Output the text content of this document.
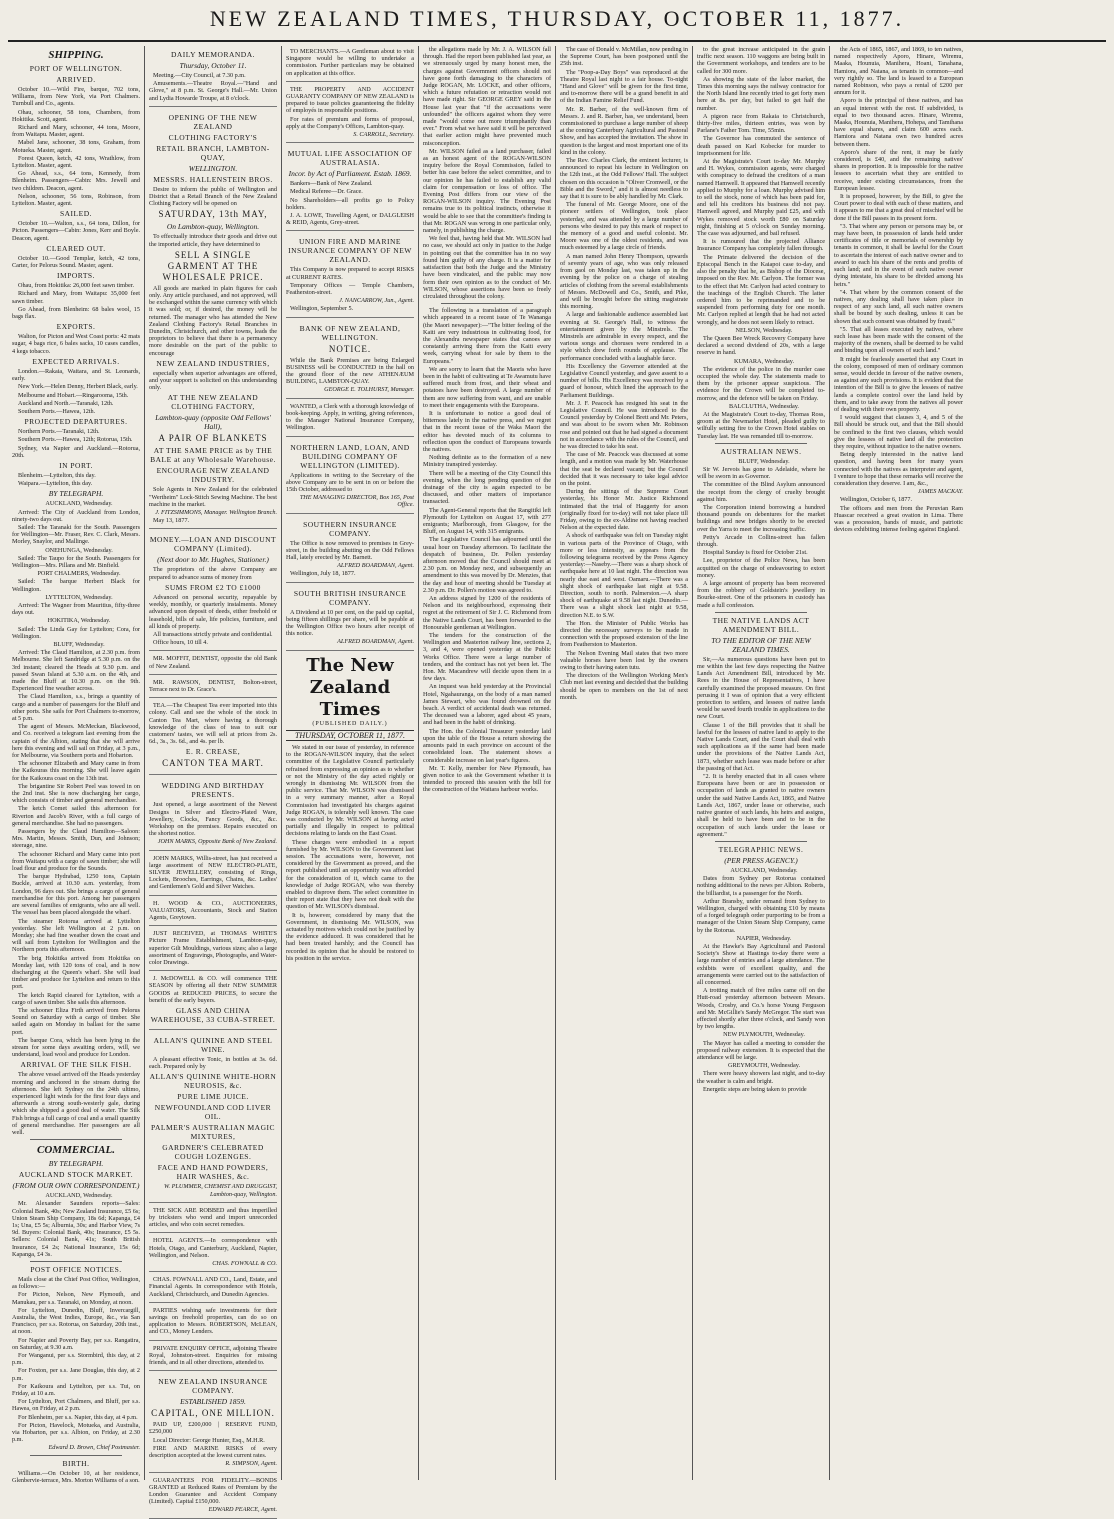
NEW ZEALAND TIMES, THURSDAY, OCTOBER 11, 1877.
SHIPPING.
PORT OF WELLINGTON.
ARRIVED.

October 10.—Wild Fire, barque, 702 tons, Williams, from New York, via Port Chalmers. Turnbull and Co., agents.

Ohau, schooner, 58 tons, Chambers, from Hokitika. Scott, agent.

Richard and Mary, schooner, 44 tons, Moore, from Waitapu. Master, agent.

Mabel Jane, schooner, 38 tons, Graham, from Motueka. Master, agent.

Forest Queen, ketch, 42 tons, Wrathlow, from Lyttelton. Master, agent.

Go Ahead, s.s., 64 tons, Kennedy, from Blenheim. Passengers—Cabin: Mrs. Jewell and two children. Deacon, agent.

Nelson, schooner, 56 tons, Robinson, from Lyttelton. Master, agent.

SAILED.

October 10.—Walton, s.s., 64 tons, Dillon, for Picton. Passengers—Cabin: Jones, Kerr and Boyle. Deacon, agent.

CLEARED OUT.

October 10.—Good Templar, ketch, 42 tons, Carter, for Pelorus Sound. Master, agent.

IMPORTS.

Ohau, from Hokitika: 26,000 feet sawn timber.

Richard and Mary, from Waitapu: 35,000 feet sawn timber.

Go Ahead, from Blenheim: 68 bales wool, 15 bags flax.

EXPORTS.

Walton, for Picton and West Coast ports: 42 mats sugar, 4 bags rice, 6 bales sacks, 10 cases candles, 4 kegs tobacco.

EXPECTED ARRIVALS.

London.—Rakaia, Waitara, and St. Leonards, early.

New York.—Helen Denny, Herbert Black, early.

Melbourne and Hobart.—Ringarooma, 15th.

Auckland and North.—Taranaki, 12th.

Southern Ports.—Hawea, 12th.

PROJECTED DEPARTURES.

Northern Ports.—Taranaki, 12th.

Southern Ports.—Hawea, 12th; Rotorua, 15th.

Sydney, via Napier and Auckland.—Rotorua, 20th.

IN PORT.

Blenheim.—Lyttelton, this day.

Waipara.—Lyttelton, this day.

BY TELEGRAPH.

AUCKLAND, Wednesday.

Arrived: The City of Auckland from London, ninety-two days out.

Sailed: The Taranaki for the South. Passengers for Wellington—Mr. Fraser, Rev. C. Clark, Messrs. Morley, Snaylor, and Mallinge.

ONEHUNGA, Wednesday.

Sailed: The Taupo for the South. Passengers for Wellington—Mrs. Pillans and Mr. Binfield.

PORT CHALMERS, Wednesday.

Sailed: The barque Herbert Black for Wellington.

LYTTELTON, Wednesday.

Arrived: The Wagner from Mauritius, fifty-three days out.

HOKITIKA, Wednesday.

Sailed: The Linda Gay for Lyttelton; Cora, for Wellington.

BLUFF, Wednesday.

Arrived: The Claud Hamilton, at 2.30 p.m. from Melbourne. She left Sandridge at 5.30 p.m. on the 3rd instant; cleared the Heads at 9.30 p.m. and passed Swan Island at 5.30 a.m. on the 4th, and made the Bluff at 10.30 p.m. on the 9th. Experienced fine weather across.

The Claud Hamilton, s.s., brings a quantity of cargo and a number of passengers for the Bluff and other ports. She sails for Port Chalmers to-morrow, at 5 p.m.

The agent of Messrs. McMeckan, Blackwood, and Co. received a telegram last evening from the captain of the Albion, stating that she will arrive here this evening and will sail on Friday, at 3 p.m., for Melbourne, via Southern ports and Hobarton.

The schooner Elizabeth and Mary came in from the Kaikouras this morning. She will leave again for the Kaikoura coast on the 13th inst.

The brigantine Sir Robert Peel was towed in on the 2nd inst. She is now discharging her cargo, which consists of timber and general merchandise.

The ketch Comet sailed this afternoon for Riverton and Jacob's River, with a full cargo of general merchandise. She had no passengers.

Passengers by the Claud Hamilton—Saloon: Mrs. Martin, Messrs. Smith, Dun, and Johnson; steerage, nine.

The schooner Richard and Mary came into port from Waitapu with a cargo of sawn timber; she will load flour and produce for the Sounds.

The barque Hydrabad, 1250 tons, Captain Buckle, arrived at 10.30 a.m. yesterday, from London, 96 days out. She brings a cargo of general merchandise for this port. Among her passengers are several families of emigrants, who are all well. The vessel has been placed alongside the wharf.

The steamer Rotorua arrived at Lyttelton yesterday. She left Wellington at 2 p.m. on Monday; she had fine weather down the coast and will sail from Lyttelton for Wellington and the Northern ports this afternoon.

The brig Hokitika arrived from Hokitika on Monday last, with 120 tons of coal, and is now discharging at the Queen's wharf. She will load timber and produce for Lyttelton and return to this port.

The ketch Rapid cleared for Lyttelton, with a cargo of sawn timber. She sails this afternoon.

The schooner Eliza Firth arrived from Pelorus Sound on Saturday with a cargo of timber. She sailed again on Monday in ballast for the same port.

The barque Cora, which has been lying in the stream for some days awaiting orders, will, we understand, load wool and produce for London.

ARRIVAL OF THE SILK FISH.

The above vessel arrived off the Heads yesterday morning and anchored in the stream during the afternoon. She left Sydney on the 24th ultimo, experienced light winds for the first four days and afterwards a strong south-westerly gale, during which she shipped a good deal of water. The Silk Fish brings a full cargo of coal and a small quantity of general merchandise. Her passengers are all well.

COMMERCIAL.
BY TELEGRAPH.
AUCKLAND STOCK MARKET.
(FROM OUR OWN CORRESPONDENT.)

AUCKLAND, Wednesday.

Mr. Alexander Saunders reports—Sales: Colonial Bank, 40s; New Zealand Insurance, £5 6s; Union Steam Ship Company, 18s 6d; Kapanga, £4 1s; Una, £5 5s; Alburnia, 30s; and Harbor View, 7s 9d. Buyers: Colonial Bank, 40s; Insurance, £5 5s. Sellers: Colonial Bank, 41s; South British Insurance, £4 2s; National Insurance, 15s 6d; Kapanga, £4 3s.

POST OFFICE NOTICES.

Mails close at the Chief Post Office, Wellington, as follows:—

For Picton, Nelson, New Plymouth, and Manukau, per s.s. Taranaki, on Monday, at noon.

For Lyttelton, Dunedin, Bluff, Invercargill, Australia, the West Indies, Europe, &c., via San Francisco, per s.s. Rotorua, on Saturday, 20th inst., at noon.

For Napier and Poverty Bay, per s.s. Rangatira, on Saturday, at 9.30 a.m.

For Wanganui, per s.s. Stormbird, this day, at 2 p.m.

For Foxton, per s.s. Jane Douglas, this day, at 2 p.m.

For Kaikoura and Lyttelton, per s.s. Tui, on Friday, at 10 a.m.

For Lyttelton, Port Chalmers, and Bluff, per s.s. Hawea, on Friday, at 2 p.m.

For Blenheim, per s.s. Napier, this day, at 4 p.m.

For Picton, Havelock, Motueka, and Australia, via Hobarton, per s.s. Albion, on Friday, at 2.30 p.m.

Edward D. Brown, Chief Postmaster.

BIRTH.

Williams.—On October 10, at her residence, Glenbervie-terrace, Mrs. Morton Williams of a son.

DAILY MEMORANDA.
Thursday, October 11.

Meeting.—City Council, at 7.30 p.m.

Amusements.—Theatre Royal.—"Hand and Glove," at 8 p.m. St. George's Hall.—Mr. Union and Lydia Howarde Troupe, at 8 o'clock.

OPENING OF THE NEW ZEALAND
CLOTHING FACTORY'S
RETAIL BRANCH, LAMBTON-QUAY,
WELLINGTON.
MESSRS. HALLENSTEIN BROS.

Desire to inform the public of Wellington and District that a Retail Branch of the New Zealand Clothing Factory will be opened on

SATURDAY, 13th MAY,
On Lambton-quay, Wellington.

To effectually introduce their goods and drive out the imported article, they have determined to

SELL A SINGLE GARMENT AT THE WHOLESALE PRICE.

All goods are marked in plain figures for cash only. Any article purchased, and not approved, will be exchanged within the same currency with which it was sold; or, if desired, the money will be returned. The manager who has attended the New Zealand Clothing Factory's Retail Branches in Dunedin, Christchurch, and other towns, leads the proprietors to believe that there is a permanency more desirable on the part of the public to encourage

NEW ZEALAND INDUSTRIES,

especially when superior advantages are offered, and your support is solicited on this understanding only.

AT THE NEW ZEALAND CLOTHING FACTORY,
Lambton-quay (opposite Odd Fellows' Hall),
A PAIR OF BLANKETS
AT THE SAME PRICE as by THE BALE at any Wholesale Warehouse.
ENCOURAGE NEW ZEALAND INDUSTRY.

Sole Agents in New Zealand for the celebrated "Wertheim" Lock-Stitch Sewing Machine. The best machine in the market.

J. FITZSIMMONS, Manager. Wellington Branch.

May 13, 1877.

MONEY.—LOAN AND DISCOUNT COMPANY (Limited).
(Next door to Mr. Hughes, Stationer.)

The proprietors of the above Company are prepared to advance sums of money from

SUMS FROM £2 TO £1000

Advanced on personal security, repayable by weekly, monthly, or quarterly instalments. Money advanced upon deposit of deeds, either freehold or leasehold, bills of sale, life policies, furniture, and all kinds of property.

All transactions strictly private and confidential.

Office hours, 10 till 4.

MR. MOFFIT, DENTIST, opposite the old Bank of New Zealand.

MR. RAWSON, DENTIST, Bolton-street, Terrace next to Dr. Grace's.

TEA.—The Cheapest Tea ever imported into this colony. Call and see the whole of the stock in Canton Tea Mart, where having a thorough knowledge of the class of teas to suit our customers' tastes, we will sell at prices from 2s. 6d., 3s., 3s. 6d., and 4s. per lb.

E. R. CREASE,
CANTON TEA MART.
WEDDING AND BIRTHDAY PRESENTS.

Just opened, a large assortment of the Newest Designs in Silver and Electro-Plated Ware, Jewellery, Clocks, Fancy Goods, &c., &c. Workshop on the premises. Repairs executed on the shortest notice.

JOHN MARKS, Opposite Bank of New Zealand.

JOHN MARKS, Willis-street, has just received a large assortment of NEW ELECTRO-PLATE, SILVER JEWELLERY, consisting of Rings, Lockets, Brooches, Earrings, Chains, &c. Ladies' and Gentlemen's Gold and Silver Watches.

H. WOOD & CO., AUCTIONEERS, VALUATORS, Accountants, Stock and Station Agents, Greytown.

JUST RECEIVED, at THOMAS WHITE'S Picture Frame Establishment, Lambton-quay, superior Gilt Mouldings, various sizes; also a large assortment of Engravings, Photographs, and Water-color Drawings.

J. McDOWELL & CO. will commence THE SEASON by offering all their NEW SUMMER GOODS at REDUCED PRICES, to secure the benefit of the early buyers.

GLASS AND CHINA WAREHOUSE, 33 CUBA-STREET.
ALLAN'S QUININE AND STEEL WINE.

A pleasant effective Tonic, in bottles at 3s. 6d. each. Prepared only by

ALLAN'S QUININE WHITE-HORN NEUROSIS, &c.
PURE LIME JUICE.
NEWFOUNDLAND COD LIVER OIL.
PALMER'S AUSTRALIAN MAGIC MIXTURES,
GARDNER'S CELEBRATED COUGH LOZENGES.
FACE AND HAND POWDERS, HAIR WASHES, &c.

W. PLUMMER, CHEMIST AND DRUGGIST, Lambton-quay, Wellington.

THE SICK ARE ROBBED and thus imperilled by tricksters who vend and import unrecorded articles, and who coin secret remedies.

HOTEL AGENTS.—In correspondence with Hotels, Otago, and Canterbury, Auckland, Napier, Wellington, and Nelson.

CHAS. FOWNALL & CO.

CHAS. FOWNALL AND CO., Land, Estate, and Financial Agents. In correspondence with Hotels, Auckland, Christchurch, and Dunedin Agencies.

PARTIES wishing safe investments for their savings on freehold properties, can do so on application to Messrs. ROBERTSON, McLEAN, and CO., Money Lenders.

PRIVATE ENQUIRY OFFICE, adjoining Theatre Royal, Johnston-street. Enquiries for missing friends, and in all other directions, attended to.

NEW ZEALAND INSURANCE COMPANY.
ESTABLISHED 1859.
CAPITAL, ONE MILLION.

PAID UP, £200,000 | RESERVE FUND, £250,000

Local Director: George Hunter, Esq., M.H.R.

FIRE AND MARINE RISKS of every description accepted at the lowest current rates.

R. SIMPSON, Agent.

GUARANTEES FOR FIDELITY.—BONDS GRANTED at Reduced Rates of Premium by the London Guarantee and Accident Company (Limited). Capital £150,000.

EDWARD PEARCE, Agent.

TO MERCHANTS.—A Gentleman about to visit Singapore would be willing to undertake a commission. Further particulars may be obtained on application at this office.

THE PROPERTY AND ACCIDENT GUARANTY COMPANY OF NEW ZEALAND is prepared to issue policies guaranteeing the fidelity of employés in responsible positions.

For rates of premium and forms of proposal, apply at the Company's Offices, Lambton-quay.

S. CARROLL, Secretary.

MUTUAL LIFE ASSOCIATION OF AUSTRALASIA.
Incor. by Act of Parliament. Estab. 1869.

Bankers—Bank of New Zealand.

Medical Referee—Dr. Grace.

No Shareholders—all profits go to Policy holders.

J. A. LOWE, Travelling Agent, or DALGLEISH & REID, Agents, Grey-street.

UNION FIRE AND MARINE INSURANCE COMPANY OF NEW ZEALAND.

This Company is now prepared to accept RISKS at CURRENT RATES.

Temporary Offices — Temple Chambers, Featherston-street.

J. NANCARROW, Jun., Agent.

Wellington, September 5.

BANK OF NEW ZEALAND, WELLINGTON.
NOTICE.

While the Bank Premises are being Enlarged BUSINESS will be CONDUCTED in the hall on the ground floor of the new ATHENÆUM BUILDING, LAMBTON-QUAY.

GEORGE E. TOLHURST, Manager.

WANTED, a Clerk with a thorough knowledge of book-keeping. Apply, in writing, giving references, to the Manager National Insurance Company, Wellington.

NORTHERN LAND, LOAN, AND BUILDING COMPANY OF WELLINGTON (LIMITED).

Applications in writing to the Secretary of the above Company are to be sent in on or before the 15th October, addressed to

THE MANAGING DIRECTOR, Box 165, Post Office.

SOUTHERN INSURANCE COMPANY.

The Office is now removed to premises in Grey-street, in the building abutting on the Odd Fellows Hall, lately erected by Mr. Barnett.

ALFRED BOARDMAN, Agent.

Wellington, July 18, 1877.

SOUTH BRITISH INSURANCE COMPANY.

A Dividend at 10 per cent, on the paid up capital, being fifteen shillings per share, will be payable at the Wellington Office two hours after receipt of this notice.

ALFRED BOARDMAN, Agent.

The New Zealand Times
(PUBLISHED DAILY.)
THURSDAY, OCTOBER 11, 1877.

We stated in our issue of yesterday, in reference to the ROGAN-WILSON inquiry, that the select committee of the Legislative Council particularly refrained from expressing an opinion as to whether or not the Ministry of the day acted rightly or wrongly in dismissing Mr. WILSON from the public service. That Mr. WILSON was dismissed in a very summary manner, after a Royal Commission had investigated his charges against Judge ROGAN, is tolerably well known. The case was conducted by Mr. WILSON at having acted partially and illegally in respect to political decisions relating to lands on the East Coast.

These charges were embodied in a report furnished by Mr. WILSON to the Government last session. The accusations were, however, not considered by the Government as proved, and the report published until an opportunity was afforded for the consideration of it, which came to the knowledge of Judge ROGAN, who was thereby enabled to disprove them. The select committee in their report state that they have not dealt with the question of Mr. WILSON's dismissal.

It is, however, considered by many that the Government, in dismissing Mr. WILSON, was actuated by motives which could not be justified by the evidence adduced. It was considered that he had been treated harshly; and the Council has recorded its opinion that he should be restored to his position in the service.

the allegations made by Mr. J. A. WILSON fall through. Had the report been published last year, as we strenuously urged by many honest men, the charges against Government officers should not have gone forth damaging to the characters of Judge ROGAN, Mr. LOCKE, and other officers, which a future refutation or retraction would not have made right. Sir GEORGE GREY said in the House last year that "if the accusations were unfounded" the officers against whom they were made "would come out more triumphantly than ever." From what we have said it will be perceived that earlier action might have prevented much misconception.

Mr. WILSON failed as a land purchaser, failed as an honest agent of the ROGAN-WILSON inquiry before the Royal Commission, failed to better his case before the select committee, and to our opinion he has failed to establish any valid claim for compensation or loss of office. The Evening Post differs from our view of the ROGAN-WILSON inquiry. The Evening Post remains true to its political instincts, otherwise it would be able to see that the committee's finding is that Mr. ROGAN was wrong in one particular only, namely, in publishing the charge.

We feel that, having held that Mr. WILSON had no case, we should act only in justice to the Judge in pointing out that the committee has in no way found him guilty of any charge. It is a matter for satisfaction that both the Judge and the Ministry have been vindicated, and the public may now form their own opinion as to the conduct of Mr. WILSON, whose assertions have been so freely circulated throughout the colony.

The following is a translation of a paragraph which appeared in a recent issue of Te Wananga (the Maori newspaper):—"The bitter feeling of the Kaiti are very industrious in cultivating food, for the Alexandra newspaper states that canoes are constantly arriving there from the Kaiti every week, carrying wheat for sale by them to the Europeans."

We are sorry to learn that the Maoris who have been in the habit of cultivating at Te Awamutu have suffered much from frost, and their wheat and potatoes have been destroyed. A large number of them are now suffering from want, and are unable to meet their engagements with the Europeans.

It is unfortunate to notice a good deal of bitterness lately in the native press, and we regret that in the recent issue of the Waka Maori the editor has devoted much of its columns to reflection upon the conduct of Europeans towards the natives.

Nothing definite as to the formation of a new Ministry transpired yesterday.

There will be a meeting of the City Council this evening, when the long pending question of the drainage of the city is again expected to be discussed, and other matters of importance transacted.

The Agent-General reports that the Rangitiki left Plymouth for Lyttelton on August 17, with 277 emigrants; Marlborough, from Glasgow, for the Bluff, on August 14, with 315 emigrants.

The Legislative Council has adjourned until the usual hour on Tuesday afternoon. To facilitate the despatch of business, Dr. Pollen yesterday afternoon moved that the Council should meet at 2.30 p.m. on Monday next, and subsequently an amendment to this was moved by Dr. Menzies, that the day and hour of meeting should be Tuesday at 2.30 p.m. Dr. Pollen's motion was agreed to.

An address signed by 1200 of the residents of Nelson and its neighbourhood, expressing their regret at the retirement of Sir J. C. Richmond from the Native Lands Court, has been forwarded to the Honourable gentleman at Wellington.

The tenders for the construction of the Wellington and Masterton railway line, sections 2, 3, and 4, were opened yesterday at the Public Works Office. There were a large number of tenders, and the contract has not yet been let. The Hon. Mr. Macandrew will decide upon them in a few days.

An inquest was held yesterday at the Provincial Hotel, Ngahauranga, on the body of a man named James Stewart, who was found drowned on the beach. A verdict of accidental death was returned. The deceased was a laborer, aged about 45 years, and had been in the habit of drinking.

The Hon. the Colonial Treasurer yesterday laid upon the table of the House a return showing the amounts paid in each province on account of the consolidated loan. The statement shows a considerable increase on last year's figures.

Mr. T. Kelly, member for New Plymouth, has given notice to ask the Government whether it is intended to proceed this session with the bill for the construction of the Waitara harbour works.

The case of Donald v. McMillan, now pending in the Supreme Court, has been postponed until the 25th inst.

The "Poop-a-Day Boys" was reproduced at the Theatre Royal last night to a fair house. To-night "Hand and Glove" will be given for the first time, and to-morrow there will be a grand benefit in aid of the Indian Famine Relief Fund.

Mr. R. Barber, of the well-known firm of Messrs. J. and R. Barber, has, we understand, been commissioned to purchase a large number of sheep at the coming Canterbury Agricultural and Pastoral Show, and has accepted the invitation. The show in question is the largest and most important one of its kind in the colony.

The Rev. Charles Clark, the eminent lecturer, is announced to repeat his lecture in Wellington on the 12th inst., at the Odd Fellows' Hall. The subject chosen on this occasion is "Oliver Cromwell, or the Bible and the Sword," and it is almost needless to say that it is sure to be ably handled by Mr. Clark.

The funeral of Mr. George Moore, one of the pioneer settlers of Wellington, took place yesterday, and was attended by a large number of persons who desired to pay this mark of respect to the memory of a good and useful colonist. Mr. Moore was one of the oldest residents, and was much esteemed by a large circle of friends.

A man named John Henry Thompson, upwards of seventy years of age, who was only released from gaol on Monday last, was taken up in the evening by the police on a charge of stealing articles of clothing from the several establishments of Messrs. McDowell and Co., Smith, and Pike, and will be brought before the sitting magistrate this morning.

A large and fashionable audience assembled last evening at St. George's Hall, to witness the entertainment given by the Minstrels. The Minstrels are admirable in every respect, and the various songs and choruses were rendered in a style which drew forth rounds of applause. The performance concluded with a laughable farce.

His Excellency the Governor attended at the Legislative Council yesterday, and gave assent to a number of bills. His Excellency was received by a guard of honour, which lined the approach to the Parliament Buildings.

Mr. J. F. Peacock has resigned his seat in the Legislative Council. He was introduced to the Council yesterday by Colonel Brett and Mr. Peters, and was about to be sworn when Mr. Robinson rose and pointed out that he had signed a document not in accordance with the rules of the Council, and he was directed to take his seat.

The case of Mr. Peacock was discussed at some length, and a motion was made by Mr. Waterhouse that the seat be declared vacant; but the Council decided that it was necessary to take legal advice on the point.

During the sittings of the Supreme Court yesterday, his Honor Mr. Justice Richmond intimated that the trial of Haggerty for arson (originally fixed for to-day) will not take place till Friday, owing to the ex-Aldine not having reached Nelson at the expected date.

A shock of earthquake was felt on Tuesday night in various parts of the Province of Otago, with more or less intensity, as appears from the following telegrams received by the Press Agency yesterday:—Naseby.—There was a sharp shock of earthquake here at 10 last night. The direction was nearly due east and west. Oamaru.—There was a slight shock of earthquake last night at 9.58. Direction, south to north. Palmerston.—A sharp shock of earthquake at 9.58 last night. Dunedin.—There was a slight shock last night at 9.58, direction N.E. to S.W.

The Hon. the Minister of Public Works has directed the necessary surveys to be made in connection with the proposed extension of the line from Featherston to Masterton.

The Nelson Evening Mail states that two more valuable horses have been lost by the owners owing to their having eaten tutu.

The directors of the Wellington Working Men's Club met last evening and decided that the building should be open to members on the 1st of next month.

to the great increase anticipated in the grain traffic next season. 110 waggons are being built in the Government workshops, and tenders are to be called for 300 more.

As showing the state of the labor market, the Times this morning says the railway contractor for the North Island line recently tried to get forty men here at 8s. per day, but failed to get half the number.

A pigeon race from Rakaia to Christchurch, thirty-five miles, thirteen entries, was won by Parlane's Father Tom. Time, 55min.

The Governor has commuted the sentence of death passed on Karl Kobecke for murder to imprisonment for life.

At the Magistrate's Court to-day Mr. Murphy and H. Wykes, commission agents, were charged with conspiracy to defraud the creditors of a man named Hamwell. It appeared that Hamwell recently applied to Murphy for a loan. Murphy advised him to sell the stock, none of which has been paid for, and tell his creditors his business did not pay. Hamwell agreed, and Murphy paid £25, and with Wykes removed stock worth £80 on Saturday night, finishing at 5 o'clock on Sunday morning. The case was adjourned, and bail refused.

It is rumoured that the projected Alliance Insurance Company has completely fallen through.

The Primate delivered the decision of the Episcopal Bench in the Kaiapoi case to-day, and also the penalty that he, as Bishop of the Diocese, imposed on the Rev. Mr. Carlyon. The former was to the effect that Mr. Carlyon had acted contrary to the teachings of the English Church. The latter ordered him to be reprimanded and to be suspended from performing duty for one month. Mr. Carlyon replied at length that he had not acted wrongly, and he does not seem likely to retract.

NELSON, Wednesday.

The Queen Bee Wreck Recovery Company have declared a second dividend of 20s, with a large reserve in hand.

KUMARA, Wednesday.

The evidence of the police in the murder case occupied the whole day. The statements made to them by the prisoner appear suspicious. The evidence for the Crown will be completed to-morrow, and the defence will be taken on Friday.

BALCLUTHA, Wednesday.

At the Magistrate's Court to-day, Thomas Ross, groom at the Newmarket Hotel, pleaded guilty to wilfully setting fire to the Crown Hotel stables on Tuesday last. He was remanded till to-morrow.

AUSTRALIAN NEWS.

BLUFF, Wednesday.

Sir W. Jervois has gone to Adelaide, where he will be sworn in as Governor.

The committee of the Blind Asylum announced the receipt from the clergy of cruelty brought against him.

The Corporation intend borrowing a hundred thousand pounds on debentures for the market buildings and new bridges shortly to be erected over the Yarra to meet the increasing traffic.

Petty's Arcade in Collins-street has fallen through.

Hospital Sunday is fixed for October 21st.

Lee, proprietor of the Police News, has been acquitted on the charge of endeavouring to extort money.

A large amount of property has been recovered from the robbery of Goldstein's jewellery in Bourke-street. One of the prisoners in custody has made a full confession.

THE NATIVE LANDS ACT AMENDMENT BILL.
TO THE EDITOR OF THE NEW ZEALAND TIMES.

Sir,—As numerous questions have been put to me within the last few days respecting the Native Lands Act Amendment Bill, introduced by Mr. Rees in the House of Representatives, I have carefully examined the proposed measure. On first perusing it I was of opinion that a very efficient protection to settlers, and lessees of native lands would be saved fourth trouble in applications to the new Court.

Clause 1 of the Bill provides that it shall be lawful for the lessees of native land to apply to the Native Lands Court, and the Court shall deal with such applications as if the same had been made under the provisions of the Native Lands Act, 1873, whether such lease was made before or after the passing of that Act.

"2. It is hereby enacted that in all cases where Europeans have been or are in possession or occupation of lands as granted to native owners under the said Native Lands Act, 1865, and Native Lands Act, 1867, under lease or otherwise, such native grantee of such lands, his heirs and assigns, shall be held to have been and to be in the occupation of such lands under the lease or agreement."

TELEGRAPHIC NEWS.
(PER PRESS AGENCY.)

AUCKLAND, Wednesday.

Dates from Sydney per Rotorua contained nothing additional to the news per Albion. Roberts, the billiardist, is a passenger for the North.

Arthur Bransby, under remand from Sydney to Wellington, charged with obtaining £10 by means of a forged telegraph order purporting to be from a manager of the Union Steam Ship Company, came by the Rotorua.

NAPIER, Wednesday.

At the Hawke's Bay Agricultural and Pastoral Society's Show at Hastings to-day there were a large number of entries and a large attendance. The exhibits were of excellent quality, and the arrangements were carried out to the satisfaction of all concerned.

A trotting match of five miles came off on the Hutt-road yesterday afternoon between Messrs. Woods, Crosby, and Co.'s horse Young Ferguson and Mr. McGillie's Sandy McGregor. The start was effected shortly after three o'clock, and Sandy won by two lengths.

NEW PLYMOUTH, Wednesday.

The Mayor has called a meeting to consider the proposed railway extension. It is expected that the attendance will be large.

GREYMOUTH, Wednesday.

There were heavy showers last night, and to-day the weather is calm and bright.

Energetic steps are being taken to provide

the Acts of 1865, 1867, and 1869, to ten natives, named respectively Aporo, Hinare, Wiremu, Maaka, Hounuia, Manihera, Hoani, Tanahana, Hamiora, and Natana, as tenants in common—and very rightly so. The land is leased to a European named Robinson, who pays a rental of £200 per annum for it.

Aporo is the principal of these natives, and has an equal interest with the rest. If subdivided, is equal to two thousand acres. Hinare, Wiremu, Maaka, Hounuia, Manihera, Hohepa, and Tamihana have equal shares, and claim 600 acres each. Hamiora and Natana own two hundred acres between them.

Aporo's share of the rent, it may be fairly considered, is £40, and the remaining natives' shares in proportion. It is impossible for the native lessees to ascertain what they are entitled to receive, under existing circumstances, from the European lessee.

It is proposed, however, by the Bill, to give the Court power to deal with each of these matters, and it appears to me that a great deal of mischief will be done if the Bill passes in its present form.

"3. That where any person or persons may be, or may have been, in possession of lands held under certificates of title or memorials of ownership by tenants in common, it shall be lawful for the Court to ascertain the interest of each native owner and to award to each his share of the rents and profits of such land; and in the event of such native owner dying intestate, his share to be divided among his heirs."

"4. That where by the common consent of the natives, any dealing shall have taken place in respect of any such land, all such native owners shall be bound by such dealing, unless it can be shown that such consent was obtained by fraud."

"5. That all leases executed by natives, where such lease has been made with the consent of the majority of the owners, shall be deemed to be valid and binding upon all owners of such land."

It might be fearlessly asserted that any Court in the colony, composed of men of ordinary common sense, would decide in favour of the native owners, as against any such provisions. It is evident that the intention of the Bill is to give the lessees of native lands a complete control over the land held by them, and to take away from the natives all power of dealing with their own property.

I would suggest that clauses 3, 4, and 5 of the Bill should be struck out, and that the Bill should be confined to the first two clauses, which would give the lessees of native land all the protection they require, without injustice to the native owners.

Being deeply interested in the native land question, and having been for many years connected with the natives as interpreter and agent, I venture to hope that these remarks will receive the consideration they deserve. I am, &c.,

JAMES MACKAY.

Wellington, October 6, 1877.

The officers and men from the Peruvian Ram Huascar received a great ovation in Lima. There was a procession, bands of music, and patriotic devices exhibiting intense feeling against England.
